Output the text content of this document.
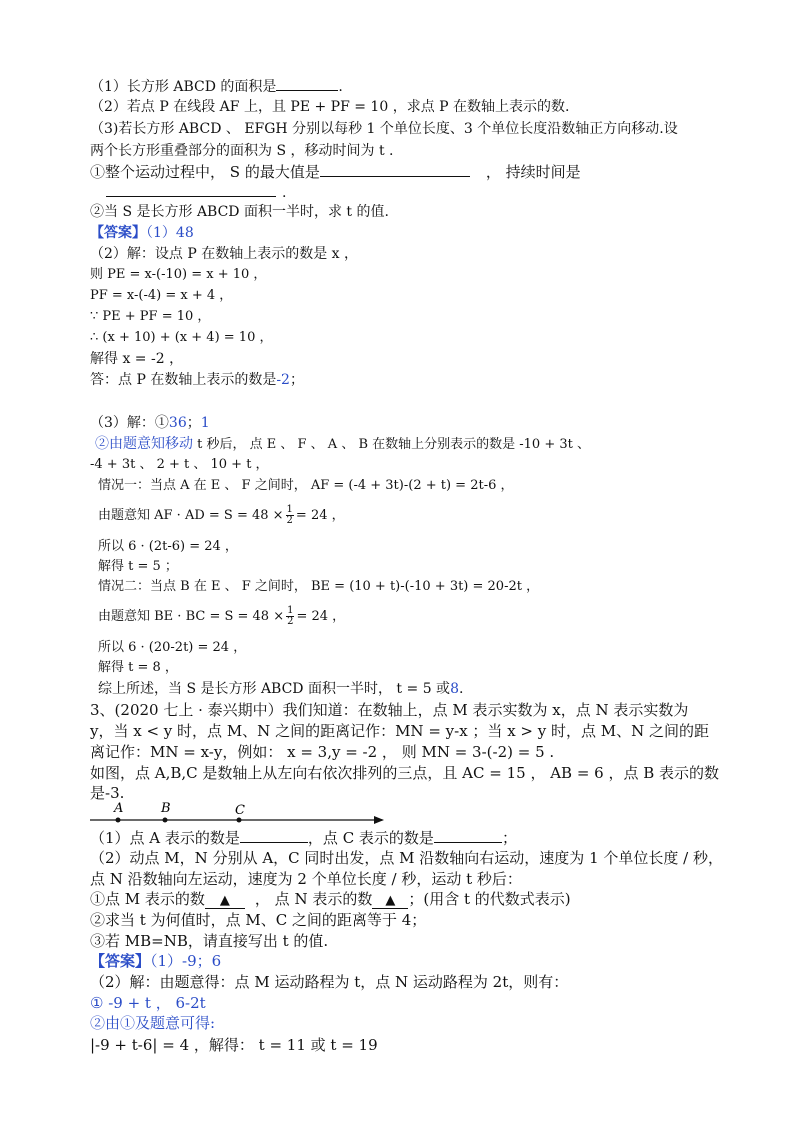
（1）长方形 ABCD 的面积是	.
（2）若点 P 在线段 AF 上，且 PE + PF = 10 ，求点 P 在数轴上表示的数.
（3)若长方形 ABCD 、 EFGH 分别以每秒 1 个单位长度、3 个单位长度沿数轴正方向移动.设
两个长方形重叠部分的面积为 S ，移动时间为 t .
①整个运动过程中， S 的最大值是	， 持续时间是
.
②当 S 是长方形 ABCD 面积一半时，求 t 的值.
【答案】（1）48
（2）解：设点 P 在数轴上表示的数是 x ，
则 PE = x-(-10) = x + 10 ，
PF = x-(-4) = x + 4 ，
∵ PE + PF = 10 ，
∴ (x + 10) + (x + 4) = 10 ，
解得 x = -2 ，
答：点 P 在数轴上表示的数是-2；
（3）解：①36；1
②由题意知移动 t 秒后， 点 E 、 F 、 A 、 B 在数轴上分别表示的数是 -10 + 3t 、
-4 + 3t 、 2 + t 、 10 + t ，
情况一：当点 A 在 E 、 F 之间时， AF = (-4 + 3t)-(2 + t) = 2t-6 ，
由题意知 AF · AD = $S = 48 \times \frac{1}{2} = 24$ ，
所以 6 · (2t-6) = 24 ，
解得 t = 5 ；
情况二：当点 B 在 E 、 F 之间时， BE = (10 + t)-(-10 + 3t) = 20-2t ，
由题意知 BE · BC = $S = 48 \times \frac{1}{2} = 24$ ，
所以 6 · (20-2t) = 24 ，
解得 t = 8 ，
综上所述，当 S 是长方形 ABCD 面积一半时， t = 5 或8.
3、(2020 七上 · 泰兴期中）我们知道：在数轴上，点 M 表示实数为 x，点 N 表示实数为
y，当 x < y 时，点 M、N 之间的距离记作：MN = y-x ；当 x > y 时，点 M、N 之间的距
离记作：MN = x-y，例如： x = 3,y = -2 ， 则 MN = 3-(-2) = 5 .
如图，点 A,B,C 是数轴上从左向右依次排列的三点，且 AC = 15 ， AB = 6 ，点 B 表示的数
是-3.
A	B	C
（1）点 A 表示的数是	，点 C 表示的数是	；
（2）动点 M，N 分别从 A，C 同时出发，点 M 沿数轴向右运动，速度为 1 个单位长度 / 秒，
点 N 沿数轴向左运动，速度为 2 个单位长度 / 秒，运动 t 秒后：
①点 M 表示的数 ▲ ， 点 N 表示的数 ▲ ；(用含 t 的代数式表示)
②求当 t 为何值时，点 M、C 之间的距离等于 4；
③若 MB=NB，请直接写出 t 的值.
【答案】（1）-9；6
（2）解：由题意得：点 M 运动路程为 t，点 N 运动路程为 2t，则有：
① -9 + t ， 6-2t
②由①及题意可得:
|-9 + t-6| = 4 ，解得： t = 11 或 t = 19
